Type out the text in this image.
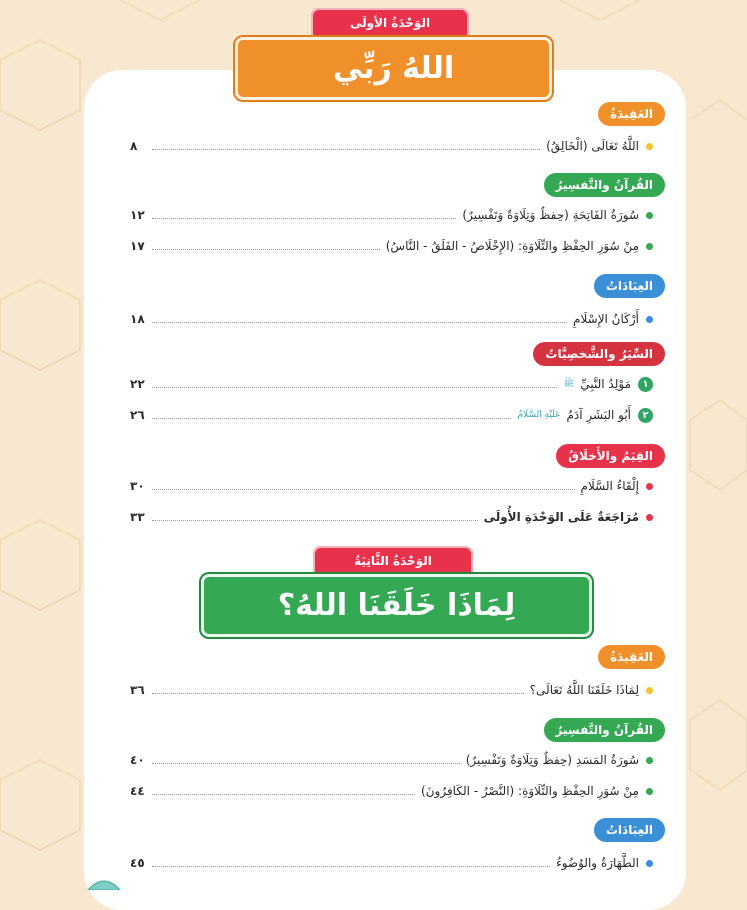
الوَحْدَةُ الأولَى
اللهُ رَبِّي
العَقِيدَةُ
اللَّهُ تَعَالَى (الْخَالِقُ)
٨
القُرآنُ والتَّفسِيرُ
سُورَةُ الفَاتِحَةِ (حِفظٌ وَتِلَاوَةٌ وَتَفْسِيرٌ)
١٢
مِنْ سُوَرِ الحِفْظِ والتِّلَاوَةِ: (الإِخْلَاصُ - الفَلَقُ - النَّاسُ)
١٧
العِبَادَاتُ
أَرْكَانُ الإِسْلَامِ
١٨
السِّيَرُ والشَّخصِيَّاتُ
١
مَوْلِدُ النَّبِيِّ
ﷺ
٢٢
٢
أَبُو البَشَرِ آدَمُ
عَلَيْهِ السَّلَامُ
٢٦
القِيَمُ والأَخلَاقُ
إِلْقَاءُ السَّلَامِ
٣٠
مُرَاجَعَةٌ عَلَى الوَحْدَةِ الأُولَى
٣٣
الوَحْدَةُ الثَّانِيَةُ
لِمَاذَا خَلَقَنَا اللهُ؟
العَقِيدَةُ
لِمَاذَا خَلَقَنَا اللَّهُ تَعَالَى؟
٣٦
القُرآنُ والتَّفسِيرُ
سُورَةُ المَسَدِ (حِفظٌ وَتِلَاوَةٌ وَتَفْسِيرٌ)
٤٠
مِنْ سُوَرِ الحِفْظِ والتِّلَاوَةِ: (النَّصْرُ - الكَافِرُونَ)
٤٤
العِبَادَاتُ
الطَّهَارَةُ والوُضُوءُ
٤٥
